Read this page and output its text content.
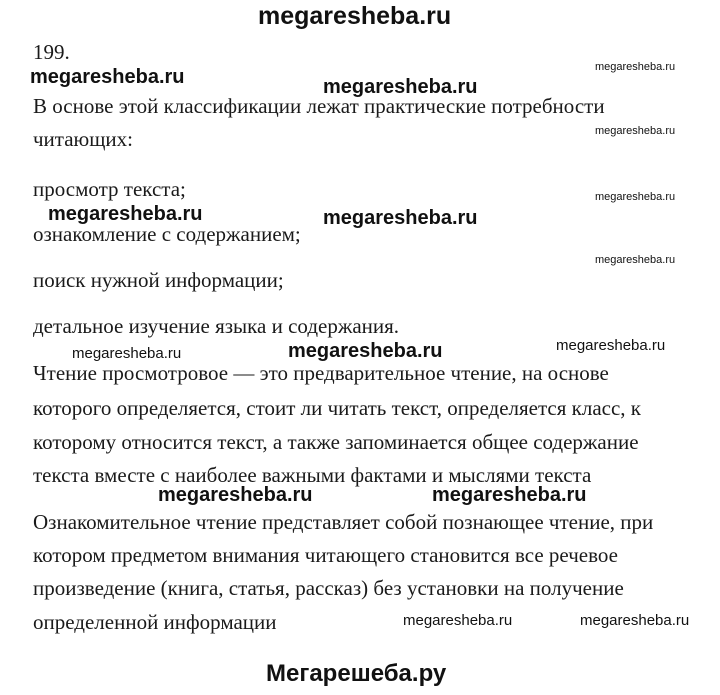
megaresheba.ru
199.
megaresheba.ru	megaresheba.ru
megaresheba.ru
megaresheba.ru
megaresheba.ru
megaresheba.ru	megaresheba.ru
megaresheba.ru
megaresheba.ru	megaresheba.ru	megaresheba.ru
megaresheba.ru	megaresheba.ru
megaresheba.ru	megaresheba.ru
В основе этой классификации лежат практические потребности
читающих:
просмотр текста;
ознакомление с содержанием;
поиск нужной информации;
детальное изучение языка и содержания.
Чтение просмотровое — это предварительное чтение, на основе
которого определяется, стоит ли читать текст, определяется класс, к
которому относится текст, а также запоминается общее содержание
текста вместе с наиболее важными фактами и мыслями текста
Ознакомительное чтение представляет собой познающее чтение, при
котором предметом внимания читающего становится все речевое
произведение (книга, статья, рассказ) без установки на получение
определенной информации
Мегарешеба.ру
